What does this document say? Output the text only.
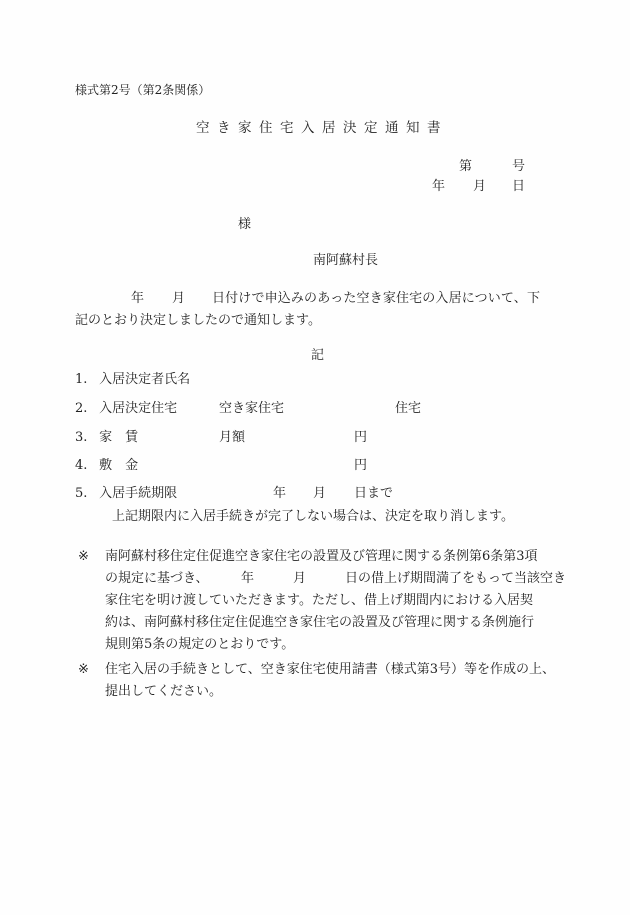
様式第2号（第2条関係）
空き家住宅入居決定通知書
第	号
年 月 日
様
南阿蘇村長
年 月 日付けで申込みのあった空き家住宅の入居について、下
記のとおり決定しましたので通知します。
記
1. 入居決定者氏名
2. 入居決定住宅	空き家住宅	住宅
3. 家　賃	月額	円
4. 敷　金	円
5. 入居手続期限	年 月 日まで
上記期限内に入居手続きが完了しない場合は、決定を取り消します。
※ 南阿蘇村移住定住促進空き家住宅の設置及び管理に関する条例第6条第3項
の規定に基づき、　　　年　　　月　　　日の借上げ期間満了をもって当該空き
家住宅を明け渡していただきます。ただし、借上げ期間内における入居契
約は、南阿蘇村移住定住促進空き家住宅の設置及び管理に関する条例施行
規則第5条の規定のとおりです。
※ 住宅入居の手続きとして、空き家住宅使用請書（様式第3号）等を作成の上、
提出してください。
